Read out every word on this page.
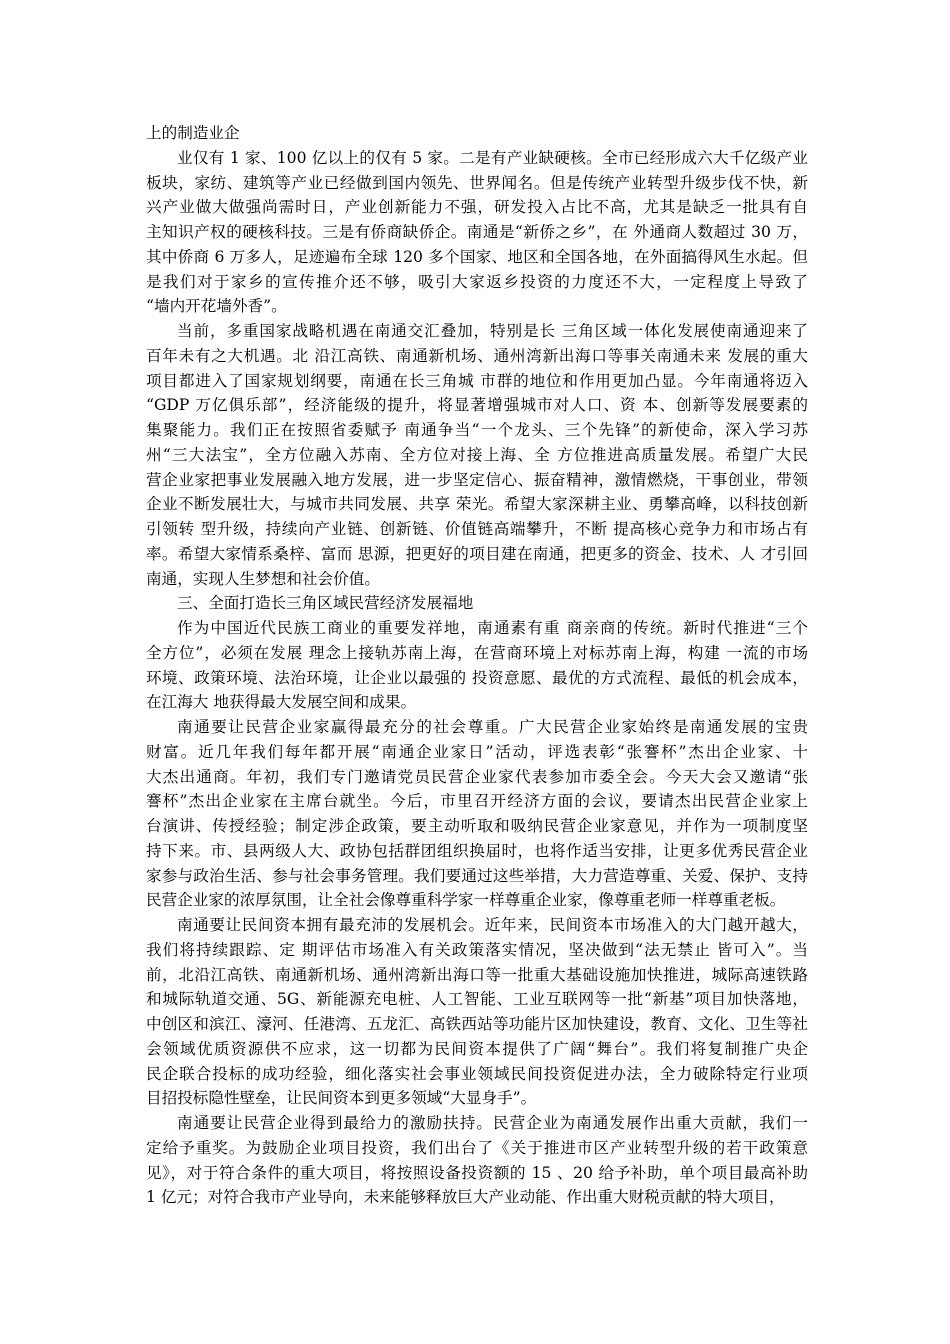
上的制造业企
业仅有 1 家、100 亿以上的仅有 5 家。二是有产业缺硬核。全市已经形成六大千亿级产业
板块，家纺、建筑等产业已经做到国内领先、世界闻名。但是传统产业转型升级步伐不快，新
兴产业做大做强尚需时日，产业创新能力不强，研发投入占比不高，尤其是缺乏一批具有自
主知识产权的硬核科技。三是有侨商缺侨企。南通是“新侨之乡”，在 外通商人数超过 30 万，
其中侨商 6 万多人，足迹遍布全球 120 多个国家、地区和全国各地，在外面搞得风生水起。但
是我们对于家乡的宣传推介还不够，吸引大家返乡投资的力度还不大，一定程度上导致了
“墙内开花墙外香”。
当前，多重国家战略机遇在南通交汇叠加，特别是长 三角区域一体化发展使南通迎来了
百年未有之大机遇。北 沿江高铁、南通新机场、通州湾新出海口等事关南通未来 发展的重大
项目都进入了国家规划纲要，南通在长三角城 市群的地位和作用更加凸显。今年南通将迈入
“GDP 万亿俱乐部”，经济能级的提升，将显著增强城市对人口、资 本、创新等发展要素的
集聚能力。我们正在按照省委赋予 南通争当“一个龙头、三个先锋”的新使命，深入学习苏
州“三大法宝”，全方位融入苏南、全方位对接上海、全 方位推进高质量发展。希望广大民
营企业家把事业发展融入地方发展，进一步坚定信心、振奋精神，激情燃烧，干事创业，带领
企业不断发展壮大，与城市共同发展、共享 荣光。希望大家深耕主业、勇攀高峰，以科技创新
引领转 型升级，持续向产业链、创新链、价值链高端攀升，不断 提高核心竞争力和市场占有
率。希望大家情系桑梓、富而 思源，把更好的项目建在南通，把更多的资金、技术、人 才引回
南通，实现人生梦想和社会价值。
三、全面打造长三角区域民营经济发展福地
作为中国近代民族工商业的重要发祥地，南通素有重 商亲商的传统。新时代推进“三个
全方位”，必须在发展 理念上接轨苏南上海，在营商环境上对标苏南上海，构建 一流的市场
环境、政策环境、法治环境，让企业以最强的 投资意愿、最优的方式流程、最低的机会成本，
在江海大 地获得最大发展空间和成果。
南通要让民营企业家赢得最充分的社会尊重。广大民营企业家始终是南通发展的宝贵
财富。近几年我们每年都开展“南通企业家日”活动，评选表彰“张謇杯”杰出企业家、十
大杰出通商。年初，我们专门邀请党员民营企业家代表参加市委全会。今天大会又邀请“张
謇杯”杰出企业家在主席台就坐。今后，市里召开经济方面的会议，要请杰出民营企业家上
台演讲、传授经验；制定涉企政策，要主动听取和吸纳民营企业家意见，并作为一项制度坚
持下来。市、县两级人大、政协包括群团组织换届时，也将作适当安排，让更多优秀民营企业
家参与政治生活、参与社会事务管理。我们要通过这些举措，大力营造尊重、关爱、保护、支持
民营企业家的浓厚氛围，让全社会像尊重科学家一样尊重企业家，像尊重老师一样尊重老板。
南通要让民间资本拥有最充沛的发展机会。近年来，民间资本市场准入的大门越开越大，
我们将持续跟踪、定 期评估市场准入有关政策落实情况，坚决做到“法无禁止 皆可入”。当
前，北沿江高铁、南通新机场、通州湾新出海口等一批重大基础设施加快推进，城际高速铁路
和城际轨道交通、5G、新能源充电桩、人工智能、工业互联网等一批“新基”项目加快落地，
中创区和滨江、濠河、任港湾、五龙汇、高铁西站等功能片区加快建设，教育、文化、卫生等社
会领域优质资源供不应求，这一切都为民间资本提供了广阔“舞台”。我们将复制推广央企
民企联合投标的成功经验，细化落实社会事业领域民间投资促进办法，全力破除特定行业项
目招投标隐性壁垒，让民间资本到更多领域“大显身手”。
南通要让民营企业得到最给力的激励扶持。民营企业为南通发展作出重大贡献，我们一
定给予重奖。为鼓励企业项目投资，我们出台了《关于推进市区产业转型升级的若干政策意
见》，对于符合条件的重大项目，将按照设备投资额的 15 、20 给予补助，单个项目最高补助
1 亿元；对符合我市产业导向，未来能够释放巨大产业动能、作出重大财税贡献的特大项目，
